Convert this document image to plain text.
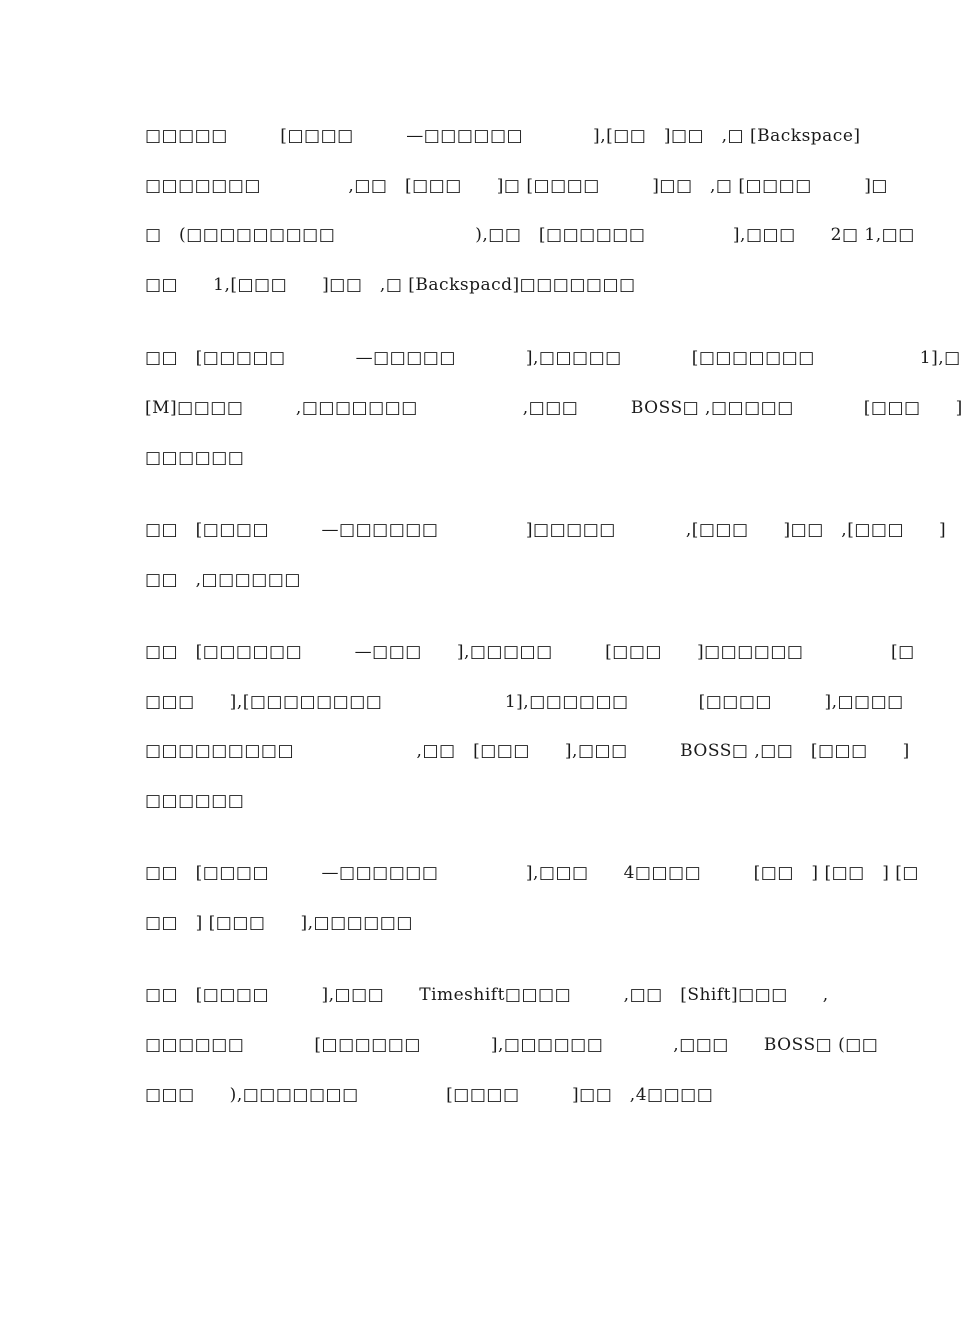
□□□□□　　　[□□□□　　　—□□□□□□　　　　],[□□　]□□　,□ [Backspace]
□□□□□□□　　　　　,□□　[□□□　　]□ [□□□□　　　]□□　,□ [□□□□　　　]□
□　(□□□□□□□□□　　　　　　　　),□□　[□□□□□□　　　　　],□□□　　2□ 1,□□
□□　　1,[□□□　　]□□　,□ [Backspacd]□□□□□□□
□□　[□□□□□　　　　—□□□□□　　　　],□□□□□　　　　[□□□□□□□　　　　　　1],□
[M]□□□□　　　,□□□□□□□　　　　　　,□□□　　　BOSS□ ,□□□□□　　　　[□□□　　]
□□□□□□
□□　[□□□□　　　—□□□□□□　　　　　]□□□□□　　　　,[□□□　　]□□　,[□□□　　]
□□　,□□□□□□
□□　[□□□□□□　　　—□□□　　],□□□□□　　　[□□□　　]□□□□□□　　　　　[□
□□□　　],[□□□□□□□□　　　　　　　1],□□□□□□　　　　[□□□□　　　],□□□□
□□□□□□□□□　　　　　　　,□□　[□□□　　],□□□　　　BOSS□ ,□□　[□□□　　]
□□□□□□
□□　[□□□□　　　—□□□□□□　　　　　],□□□　　4□□□□　　　[□□　] [□□　] [□
□□　] [□□□　　],□□□□□□
□□　[□□□□　　　],□□□　　Timeshift□□□□　　　,□□　[Shift]□□□　　,
□□□□□□　　　　[□□□□□□　　　　],□□□□□□　　　　,□□□　　BOSS□ (□□
□□□　　),□□□□□□□　　　　　[□□□□　　　]□□　,4□□□□
